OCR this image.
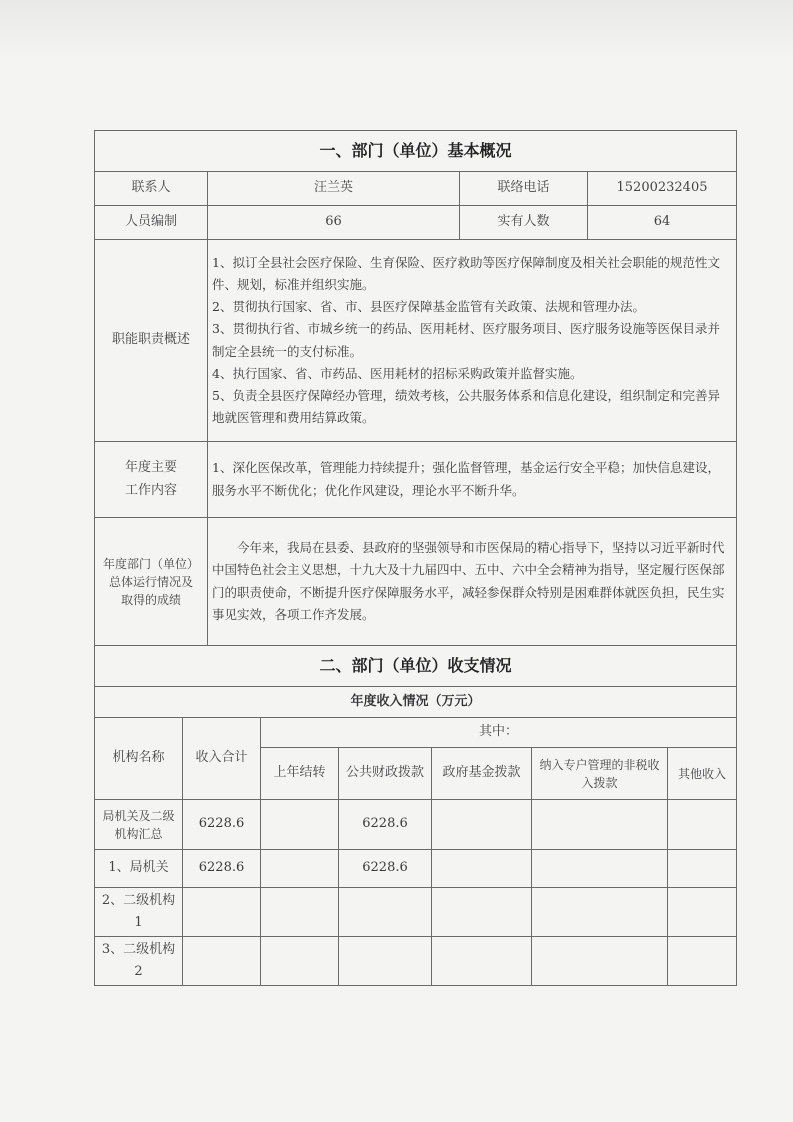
一、部门（单位）基本概况			
联系人	汪兰英	联络电话	15200232405
人员编制	66	实有人数	64
职能职责概述	1、拟订全县社会医疗保险、生育保险、医疗救助等医疗保障制度及相关社会职能的规范性文件、规划，标准并组织实施。

2、贯彻执行国家、省、市、县医疗保障基金监管有关政策、法规和管理办法。

3、贯彻执行省、市城乡统一的药品、医用耗材、医疗服务项目、医疗服务设施等医保目录并制定全县统一的支付标准。

4、执行国家、省、市药品、医用耗材的招标采购政策并监督实施。

5、负责全县医疗保障经办管理，绩效考核，公共服务体系和信息化建设，组织制定和完善异地就医管理和费用结算政策。		

年度主要
工作内容	1、深化医保改革，管理能力持续提升；强化监督管理，基金运行安全平稳；加快信息建设，服务水平不断优化；优化作风建设，理论水平不断升华。		

年度部门（单位）
总体运行情况及
取得的成绩	今年来，我局在县委、县政府的坚强领导和市医保局的精心指导下，坚持以习近平新时代中国特色社会主义思想，十九大及十九届四中、五中、六中全会精神为指导，坚定履行医保部门的职责使命，不断提升医疗保障服务水平，减轻参保群众特别是困难群体就医负担，民生实事见实效，各项工作齐发展。		
二、部门（单位）收支情况						
年度收入情况（万元）						
机构名称	收入合计	其中：				
		上年结转	公共财政拨款	政府基金拨款	纳入专户管理的非税收入拨款	其他收入
局机关及二级机构汇总	6228.6		6228.6			
1、局机关	6228.6		6228.6			
2、二级机构1						
3、二级机构2						
